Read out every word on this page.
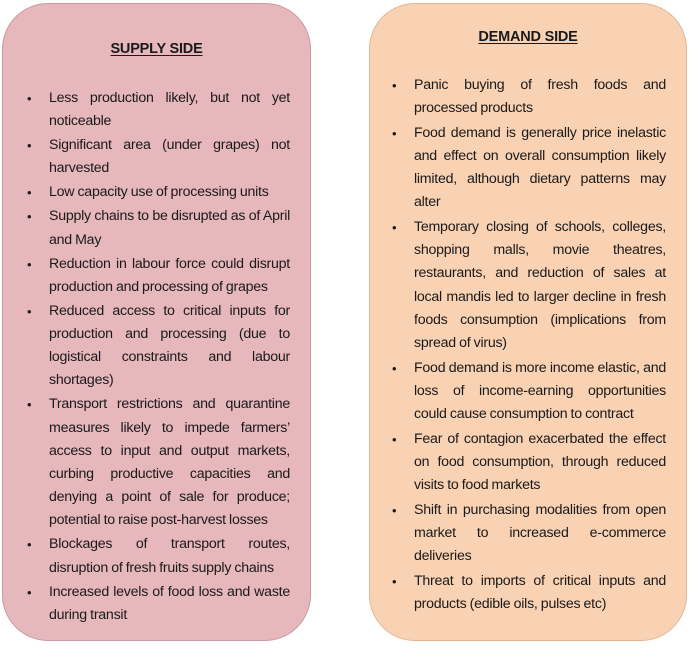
SUPPLY SIDE
• Less production likely, but not yet noticeable
• Significant area (under grapes) not harvested
• Low capacity use of processing units
• Supply chains to be disrupted as of April and May
• Reduction in labour force could disrupt production and processing of grapes
• Reduced access to critical inputs for production and processing (due to logistical constraints and labour shortages)
• Transport restrictions and quarantine measures likely to impede farmers’ access to input and output markets, curbing productive capacities and denying a point of sale for produce; potential to raise post-harvest losses
• Blockages of transport routes, disruption of fresh fruits supply chains
• Increased levels of food loss and waste during transit
DEMAND SIDE
• Panic buying of fresh foods and processed products
• Food demand is generally price inelastic and effect on overall consumption likely limited, although dietary patterns may alter
• Temporary closing of schools, colleges, shopping malls, movie theatres, restaurants, and reduction of sales at local mandis led to larger decline in fresh foods consumption (implications from spread of virus)
• Food demand is more income elastic, and loss of income-earning opportunities could cause consumption to contract
• Fear of contagion exacerbated the effect on food consumption, through reduced visits to food markets
• Shift in purchasing modalities from open market to increased e-commerce deliveries
• Threat to imports of critical inputs and products (edible oils, pulses etc)
